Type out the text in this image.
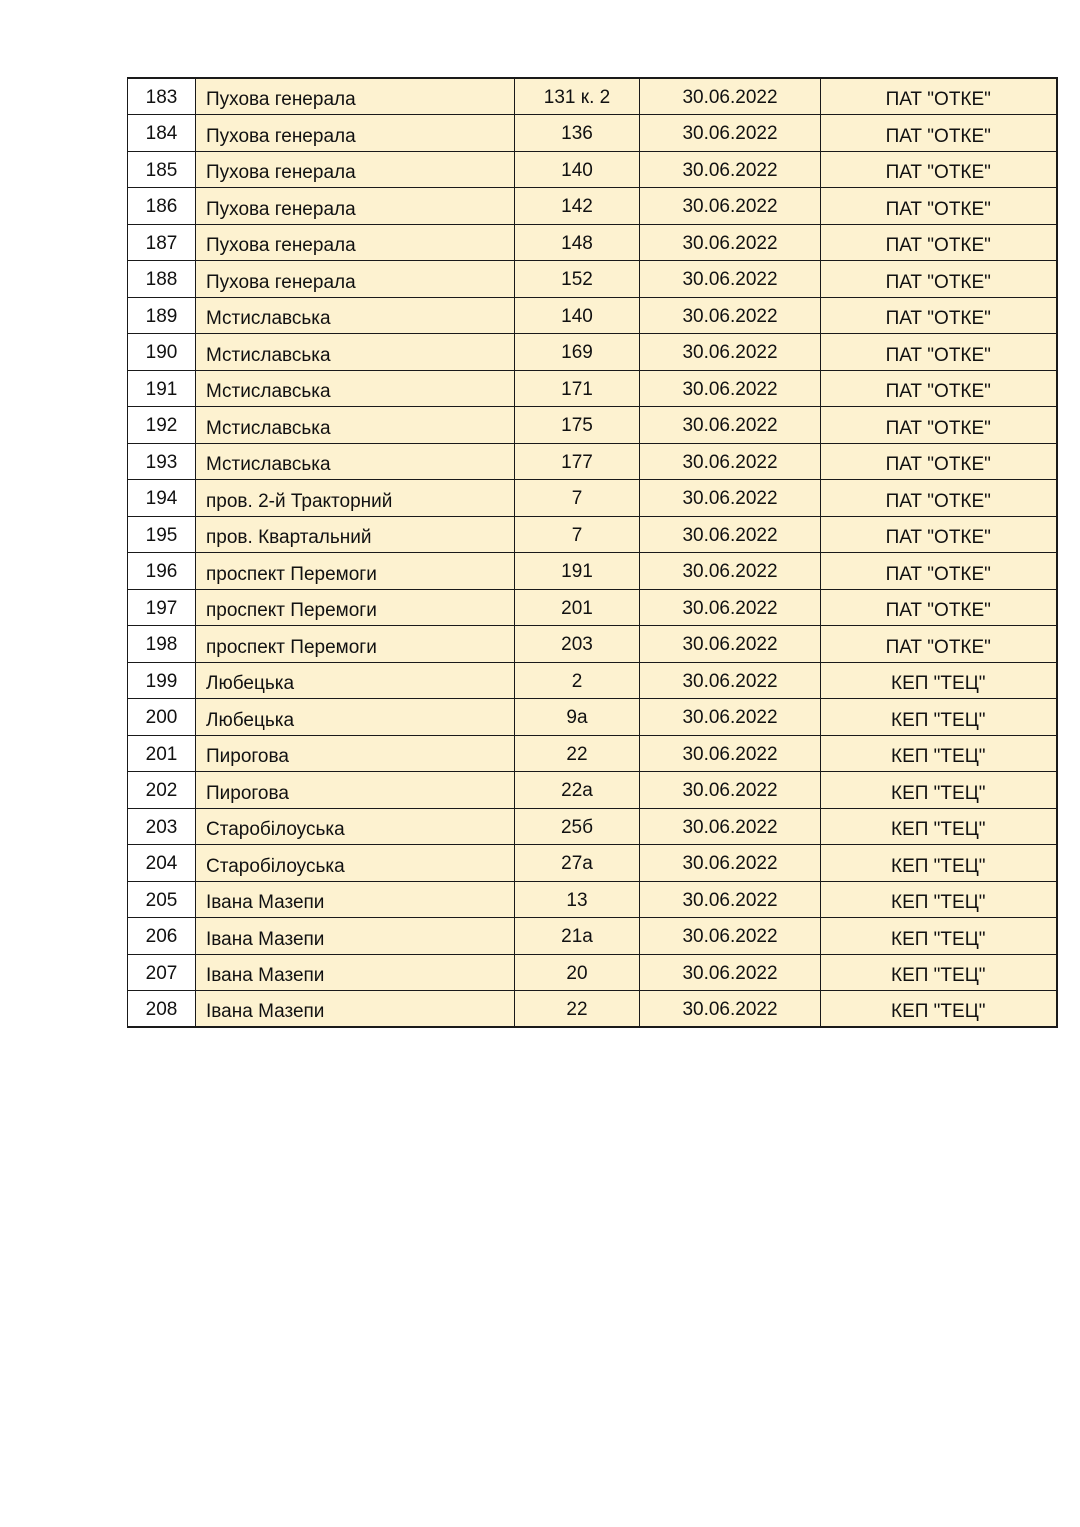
183	Пухова генерала	131 к. 2	30.06.2022	ПАТ "ОТКЕ"
184	Пухова генерала	136	30.06.2022	ПАТ "ОТКЕ"
185	Пухова генерала	140	30.06.2022	ПАТ "ОТКЕ"
186	Пухова генерала	142	30.06.2022	ПАТ "ОТКЕ"
187	Пухова генерала	148	30.06.2022	ПАТ "ОТКЕ"
188	Пухова генерала	152	30.06.2022	ПАТ "ОТКЕ"
189	Мстиславська	140	30.06.2022	ПАТ "ОТКЕ"
190	Мстиславська	169	30.06.2022	ПАТ "ОТКЕ"
191	Мстиславська	171	30.06.2022	ПАТ "ОТКЕ"
192	Мстиславська	175	30.06.2022	ПАТ "ОТКЕ"
193	Мстиславська	177	30.06.2022	ПАТ "ОТКЕ"
194	пров. 2-й Тракторний	7	30.06.2022	ПАТ "ОТКЕ"
195	пров. Квартальний	7	30.06.2022	ПАТ "ОТКЕ"
196	проспект Перемоги	191	30.06.2022	ПАТ "ОТКЕ"
197	проспект Перемоги	201	30.06.2022	ПАТ "ОТКЕ"
198	проспект Перемоги	203	30.06.2022	ПАТ "ОТКЕ"
199	Любецька	2	30.06.2022	КЕП "ТЕЦ"
200	Любецька	9а	30.06.2022	КЕП "ТЕЦ"
201	Пирогова	22	30.06.2022	КЕП "ТЕЦ"
202	Пирогова	22а	30.06.2022	КЕП "ТЕЦ"
203	Старобілоуська	25б	30.06.2022	КЕП "ТЕЦ"
204	Старобілоуська	27а	30.06.2022	КЕП "ТЕЦ"
205	Івана Мазепи	13	30.06.2022	КЕП "ТЕЦ"
206	Івана Мазепи	21а	30.06.2022	КЕП "ТЕЦ"
207	Івана Мазепи	20	30.06.2022	КЕП "ТЕЦ"
208	Івана Мазепи	22	30.06.2022	КЕП "ТЕЦ"
